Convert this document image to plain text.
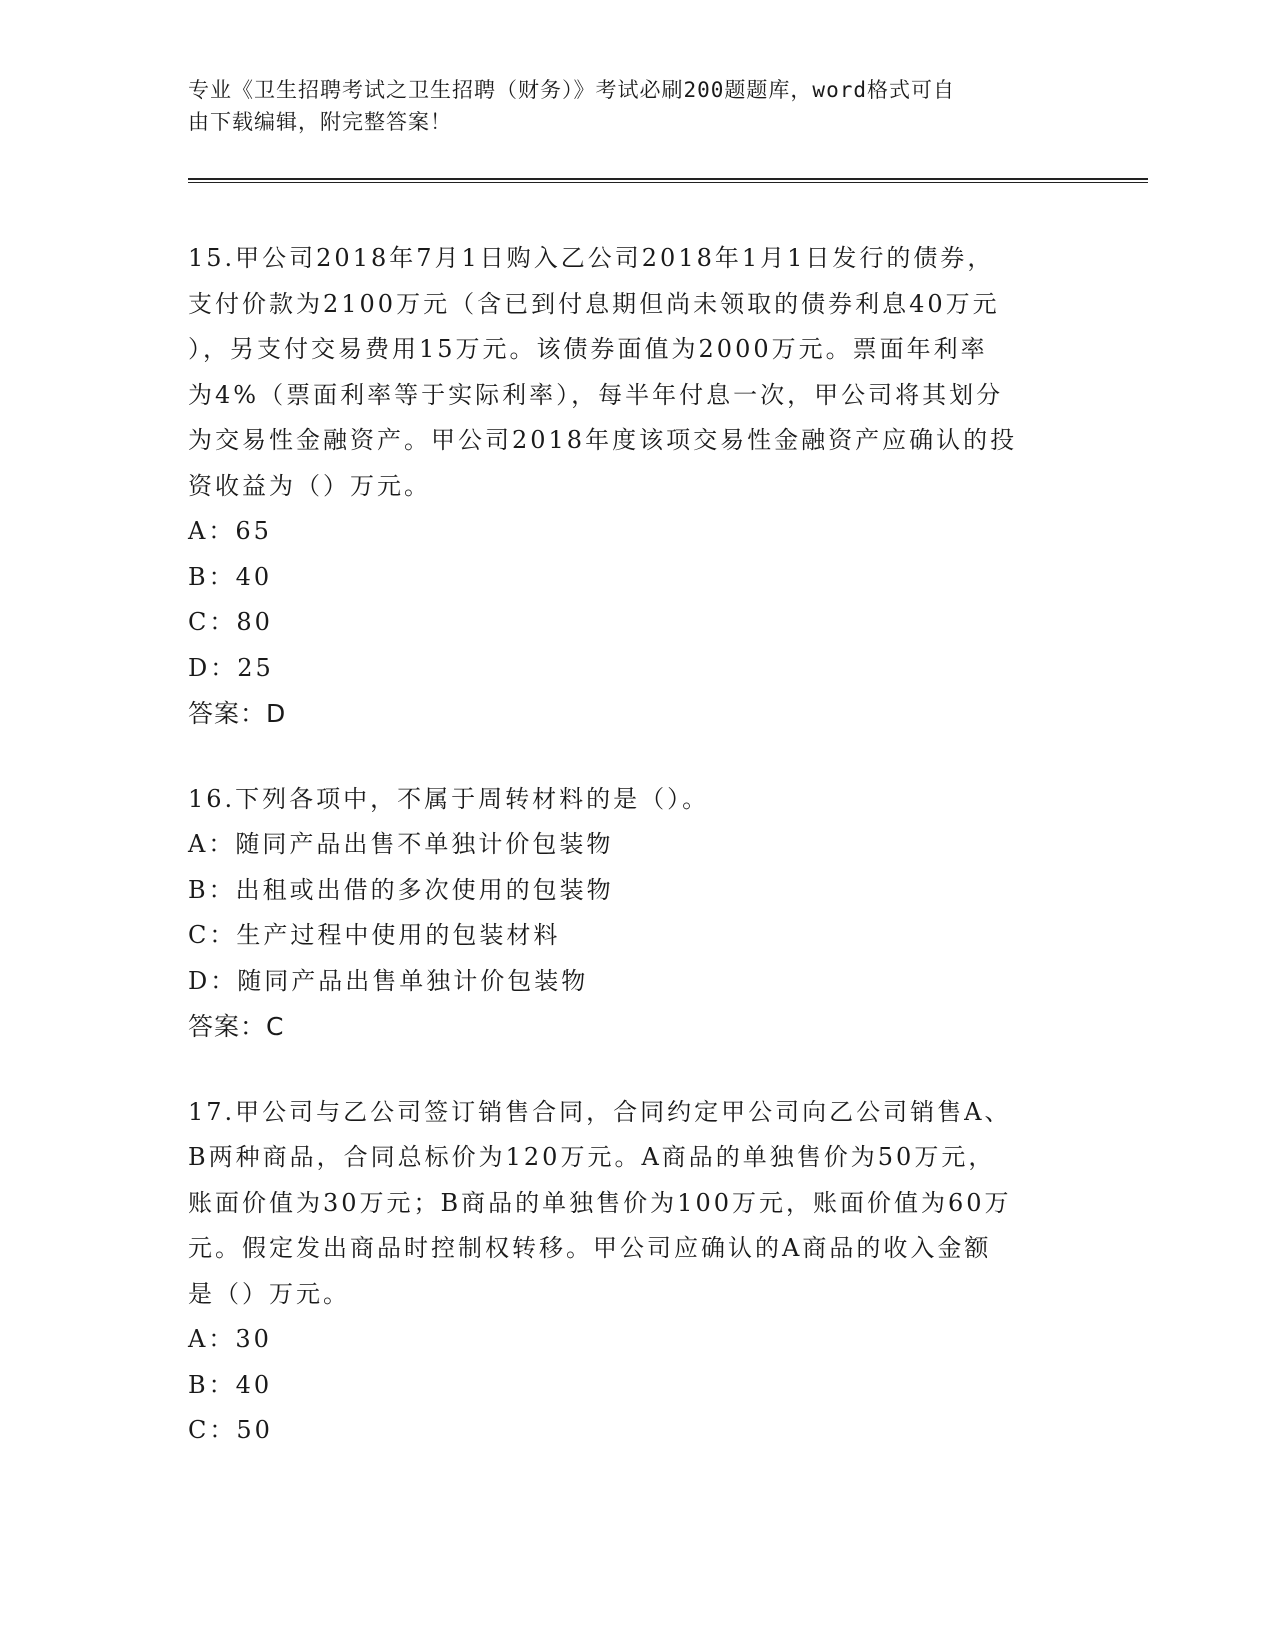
专业《卫生招聘考试之卫生招聘（财务）》考试必刷200题题库，word格式可自
由下载编辑，附完整答案！

15.甲公司2018年7月1日购入乙公司2018年1月1日发行的债券，

支付价款为2100万元（含已到付息期但尚未领取的债券利息40万元

），另支付交易费用15万元。该债券面值为2000万元。票面年利率

为4%（票面利率等于实际利率），每半年付息一次，甲公司将其划分

为交易性金融资产。甲公司2018年度该项交易性金融资产应确认的投

资收益为（）万元。

A：65

B：40

C：80

D：25

答案：D

16.下列各项中，不属于周转材料的是（）。

A：随同产品出售不单独计价包装物

B：出租或出借的多次使用的包装物

C：生产过程中使用的包装材料

D：随同产品出售单独计价包装物

答案：C

17.甲公司与乙公司签订销售合同，合同约定甲公司向乙公司销售A、

B两种商品，合同总标价为120万元。A商品的单独售价为50万元，

账面价值为30万元；B商品的单独售价为100万元，账面价值为60万

元。假定发出商品时控制权转移。甲公司应确认的A商品的收入金额

是（）万元。

A：30

B：40

C：50
